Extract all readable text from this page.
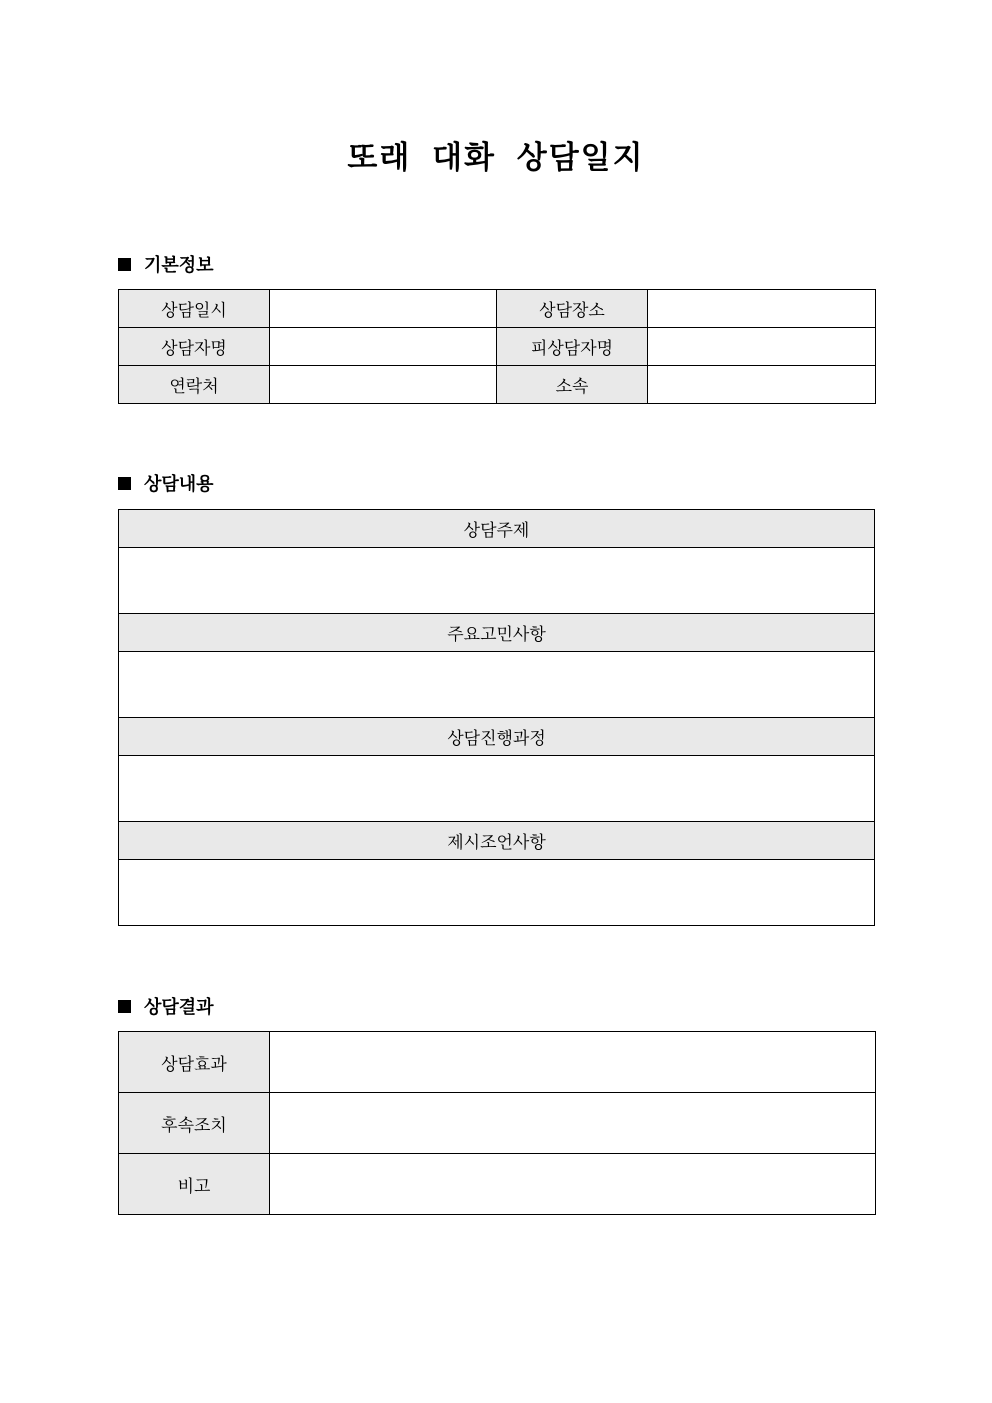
또래 대화 상담일지
기본정보
상담일시		상담장소	
상담자명		피상담자명	
연락처		소속	
상담내용
상담주제

주요고민사항

상담진행과정

제시조언사항

상담결과
상담효과	
후속조치	
비고	
